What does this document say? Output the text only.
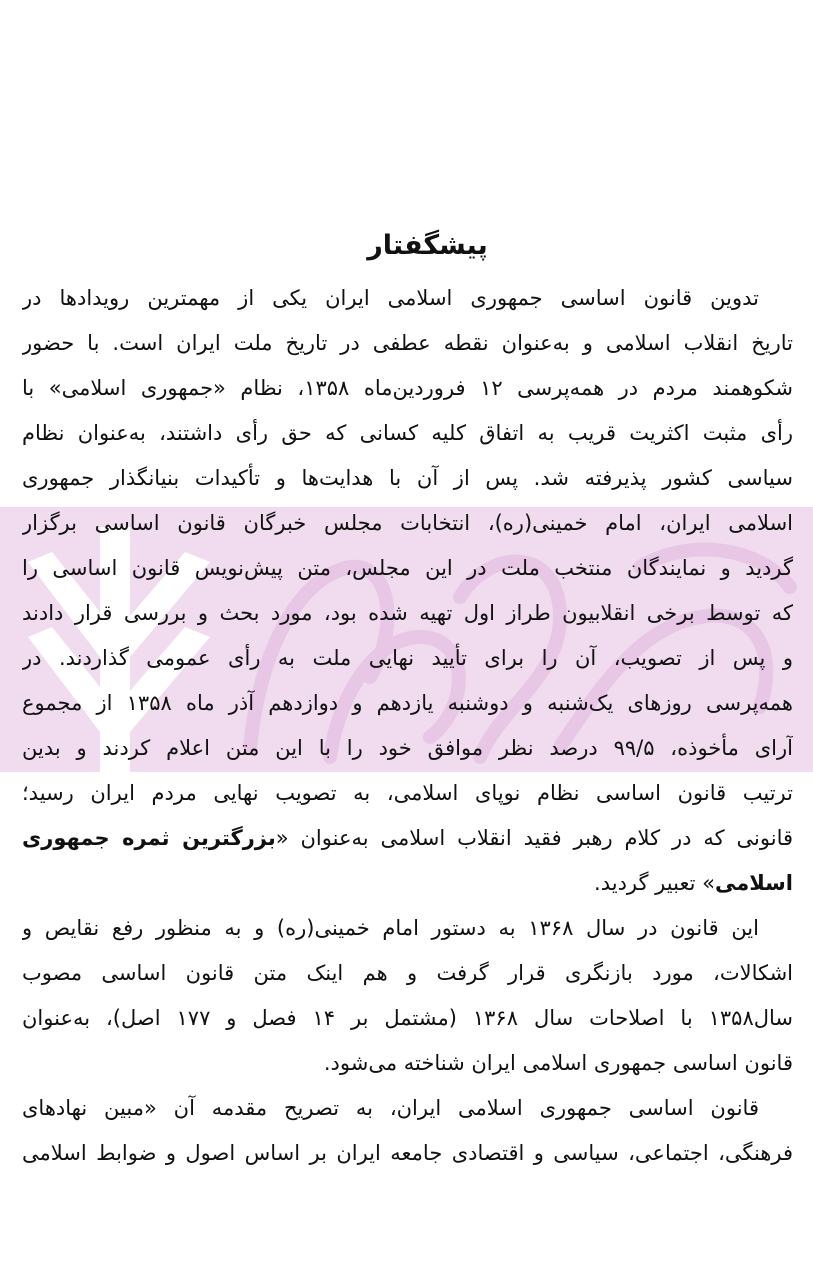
پیشگفتار
تدوین قانون اساسی جمهوری اسلامی ایران یکی از مهمترین رویدادها در
تاریخ انقلاب اسلامی و به‌عنوان نقطه عطفی در تاریخ ملت ایران است. با حضور
شکوهمند مردم در همه‌پرسی ۱۲ فروردین‌ماه ۱۳۵۸، نظام «جمهوری اسلامی» با
رأی مثبت اکثریت قریب به اتفاق کلیه کسانی که حق رأی داشتند، به‌عنوان نظام
سیاسی کشور پذیرفته شد. پس از آن با هدایت‌ها و تأکیدات بنیانگذار جمهوری
اسلامی ایران، امام خمینی(ره)، انتخابات مجلس خبرگان قانون اساسی برگزار
گردید و نمایندگان منتخب ملت در این مجلس، متن پیش‌نویس قانون اساسی را
که توسط برخی انقلابیون طراز اول تهیه شده بود، مورد بحث و بررسی قرار دادند
و پس از تصویب، آن را برای تأیید نهایی ملت به رأی عمومی گذاردند. در
همه‌پرسی روزهای یک‌شنبه و دوشنبه یازدهم و دوازدهم آذر ماه ۱۳۵۸ از مجموع
آرای مأخوذه، ۹۹/۵ درصد نظر موافق خود را با این متن اعلام کردند و بدین
ترتیب قانون اساسی نظام نوپای اسلامی، به تصویب نهایی مردم ایران رسید؛
قانونی که در کلام رهبر فقید انقلاب اسلامی به‌عنوان «بزرگترین ثمره جمهوری
اسلامی» تعبیر گردید.
این قانون در سال ۱۳۶۸ به دستور امام خمینی(ره) و به منظور رفع نقایص و
اشکالات، مورد بازنگری قرار گرفت و هم اینک متن قانون اساسی مصوب
سال۱۳۵۸ با اصلاحات سال ۱۳۶۸ (مشتمل بر ۱۴ فصل و ۱۷۷ اصل)، به‌عنوان
قانون اساسی جمهوری اسلامی ایران شناخته می‌شود.
قانون اساسی جمهوری اسلامی ایران، به تصریح مقدمه آن «مبین نهادهای
فرهنگی، اجتماعی، سیاسی و اقتصادی جامعه ایران بر اساس اصول و ضوابط اسلامی
